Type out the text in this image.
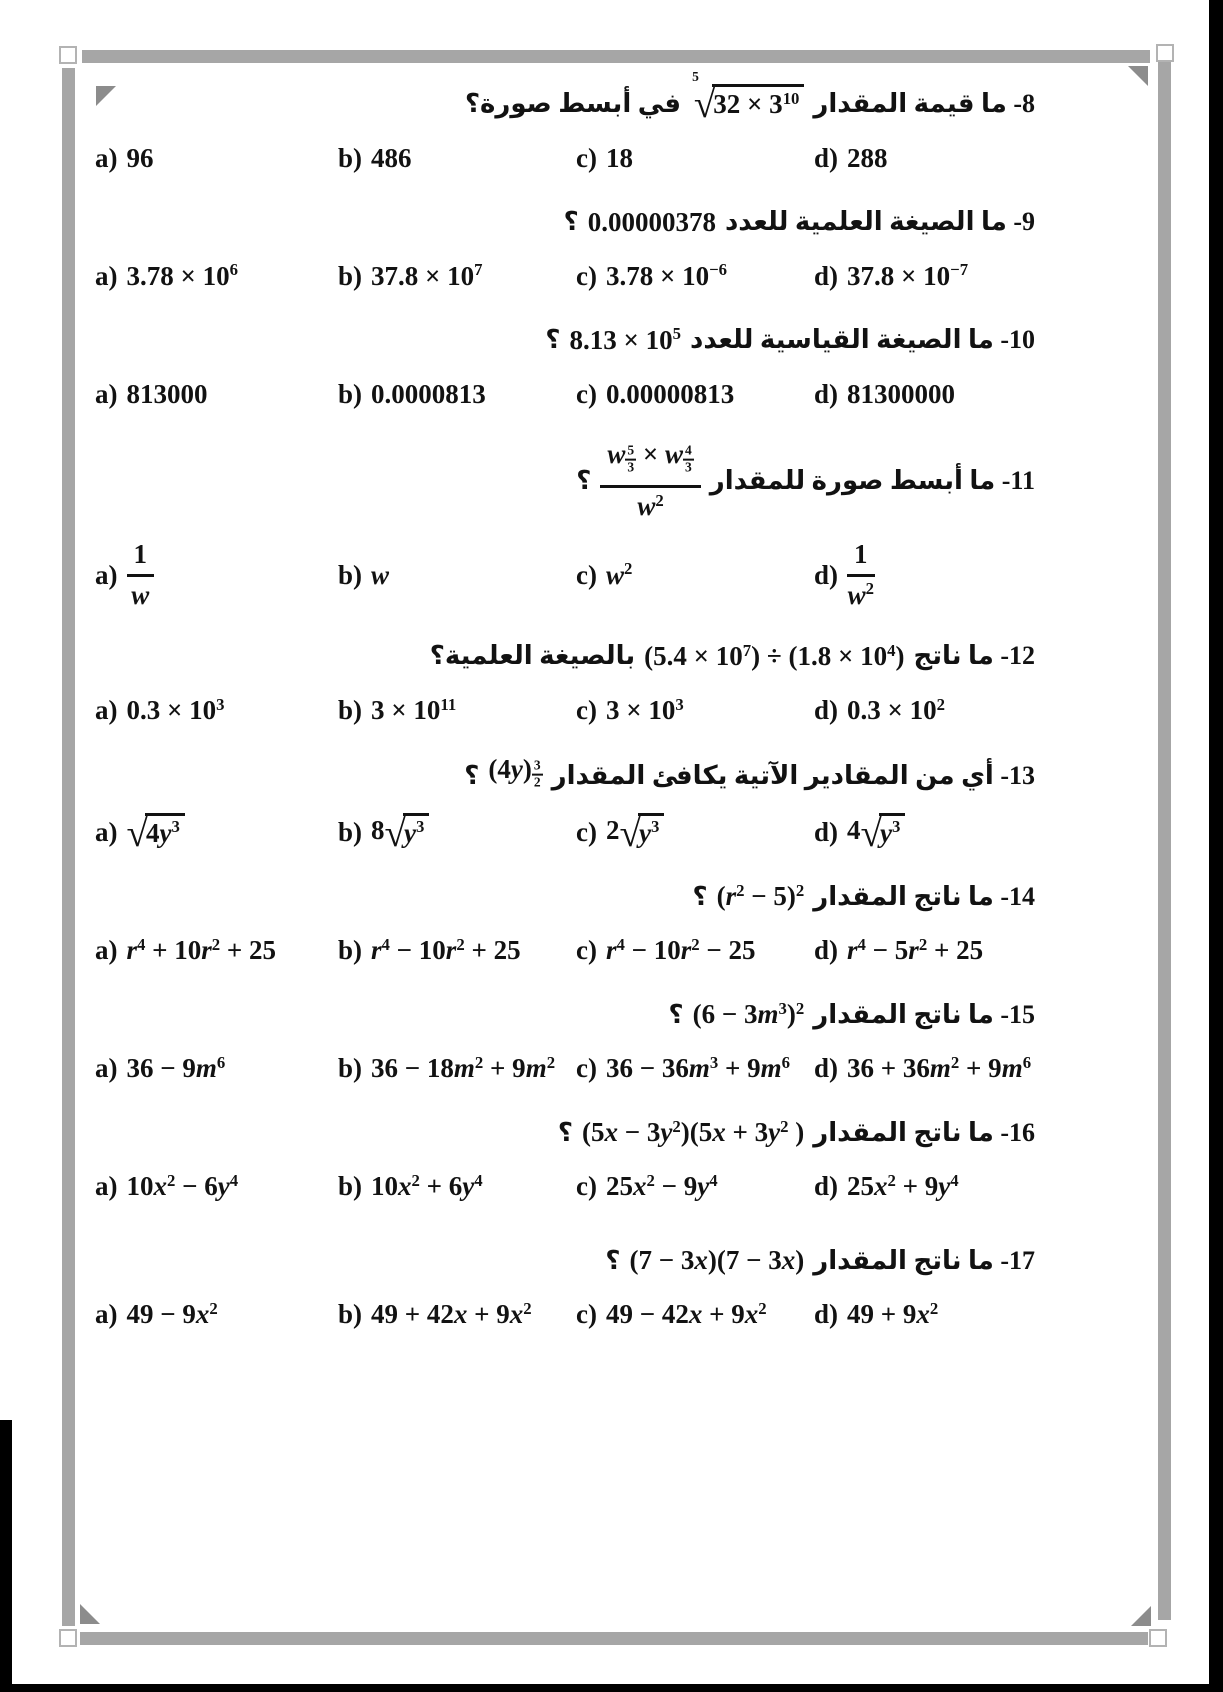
8- ما قيمة المقدار
$^5$
√
$32 \times 3^{10}$
في أبسط صورة؟
a) 96	b) 486	c) 18	d) 288
9- ما الصيغة العلمية للعدد
0.00000378
؟
a) $3.78 \times 10^6$	b) $37.8 \times 10^7$	c) $3.78 \times 10^{-6}$	d) $37.8 \times 10^{-7}$
10- ما الصيغة القياسية للعدد
$8.13 \times 10^5$
؟
a) 813000	b) 0.0000813	c) 0.00000813	d) 81300000
11- ما أبسط صورة للمقدار
$\frac{w \frac{5}{3} \times w \frac{4}{3}}{w^2}$
؟
$a) \frac{1}{w}$	b) w	c) $w^2$	$d) \frac{1}{w^2}$
12- ما ناتج
$(5.4 \times 10^7) \div (1.8 \times 10^4)$
بالصيغة العلمية؟
a) $0.3 \times 10^3$	b) $3 \times 10^{11}$	c) $3 \times 10^3$	d) $0.3 \times 10^2$
13- أي من المقادير الآتية يكافئ المقدار
$(4y) \frac{3}{2}$
؟
a) √
$4y^3$	b) 8 √
$y^3$	c) 2 √
$y^3$	d) 4 √
$y^3$
14- ما ناتج المقدار
$(r^2 - 5)^2$
؟
a) $r^4 + 10r^2 + 25$ b) $r^4 - 10r^2 + 25$ c) $r^4 - 10r^2 - 25$ d) $r^4 - 5r^2 + 25$
15- ما ناتج المقدار
$(6 - 3m^3)^2$
؟
a) $36 - 9m^6$	b) $36 - 18m^2 + 9m^2$ c) $36 - 36m^3 + 9m^6$ d) $36 + 36m^2 + 9m^6$
16- ما ناتج المقدار
$(5x - 3y^2)(5x + 3y^2$ )
؟
a) $10x^2 - 6y^4$	b) $10x^2 + 6y^4$	c) $25x^2 - 9y^4$	d) $25x^2 + 9y^4$
17- ما ناتج المقدار
(7 − 3x)(7 − 3x)
؟
a) $49 - 9x^2$	b) $49 + 42x + 9x^2$ c) $49 - 42x + 9x^2$ d) $49 + 9x^2$
